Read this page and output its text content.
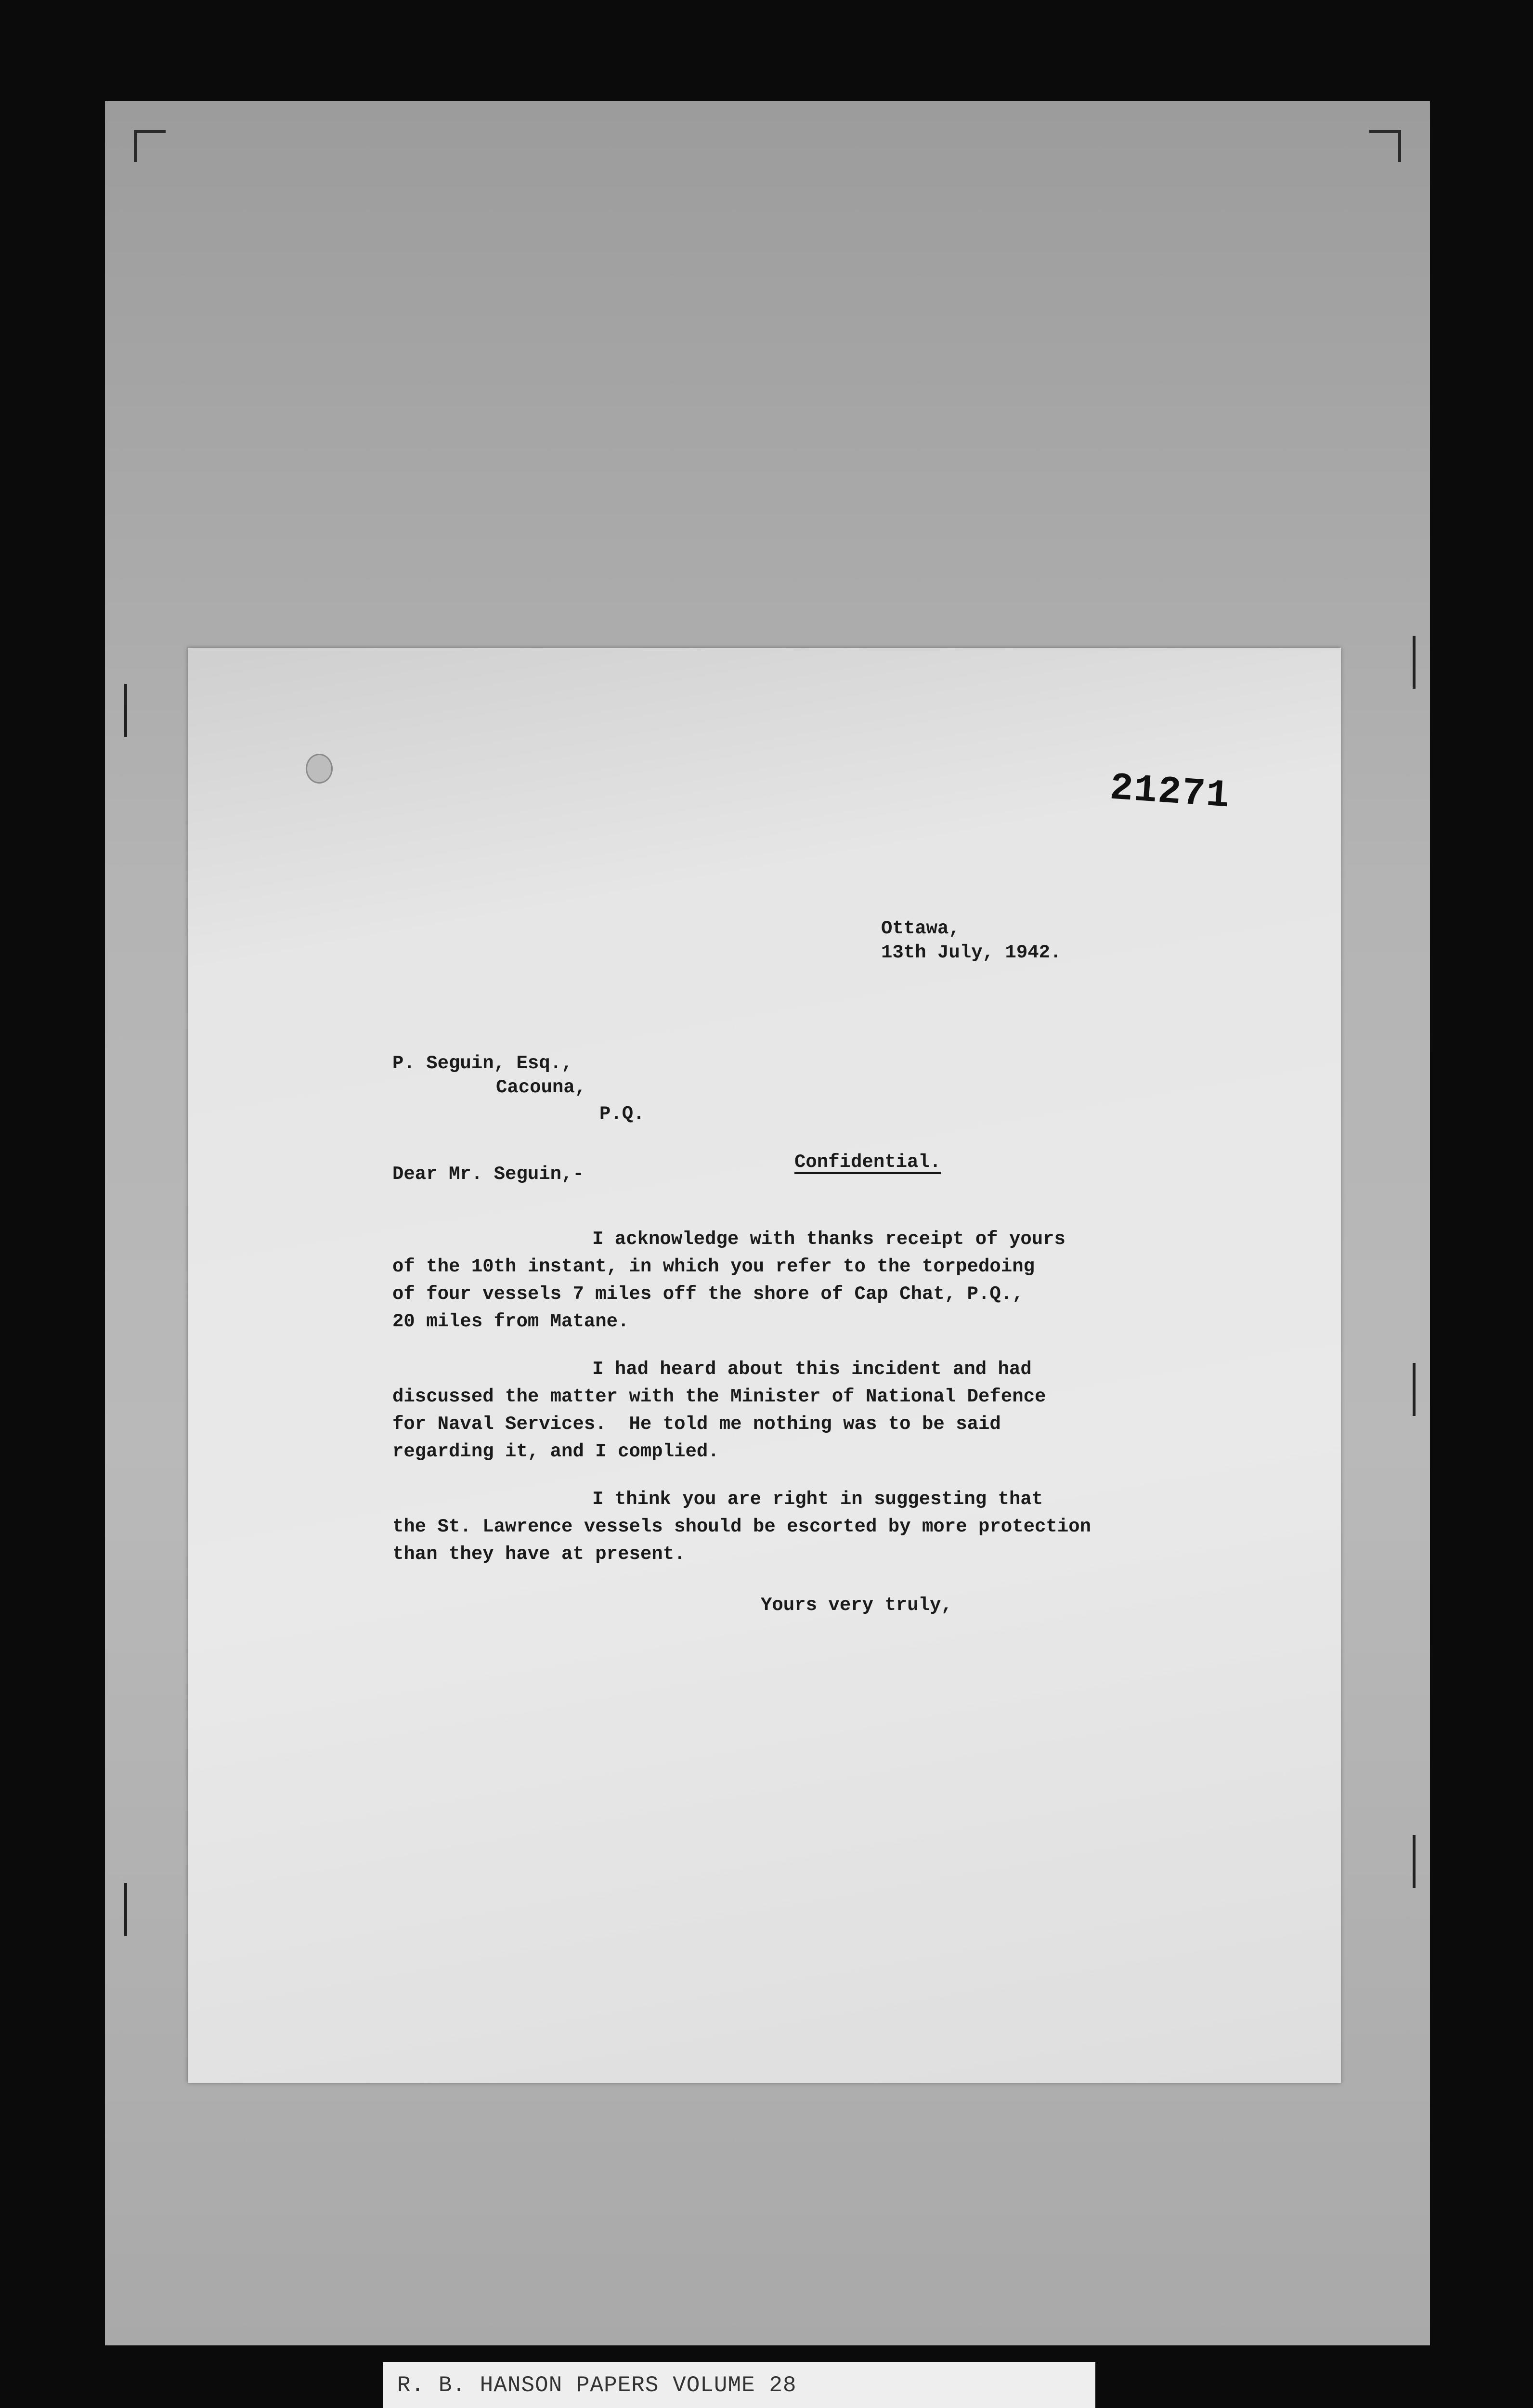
21271
Ottawa,
13th July, 1942.
P. Seguin, Esq.,
Cacouna,
P.Q.
Dear Mr. Seguin,-
Confidential.
I acknowledge with thanks receipt of yours
of the 10th instant, in which you refer to the torpedoing
of four vessels 7 miles off the shore of Cap Chat, P.Q.,
20 miles from Matane.
I had heard about this incident and had
discussed the matter with the Minister of National Defence
for Naval Services.  He told me nothing was to be said
regarding it, and I complied.
I think you are right in suggesting that
the St. Lawrence vessels should be escorted by more protection
than they have at present.
Yours very truly,
R. B. HANSON PAPERS VOLUME 28
